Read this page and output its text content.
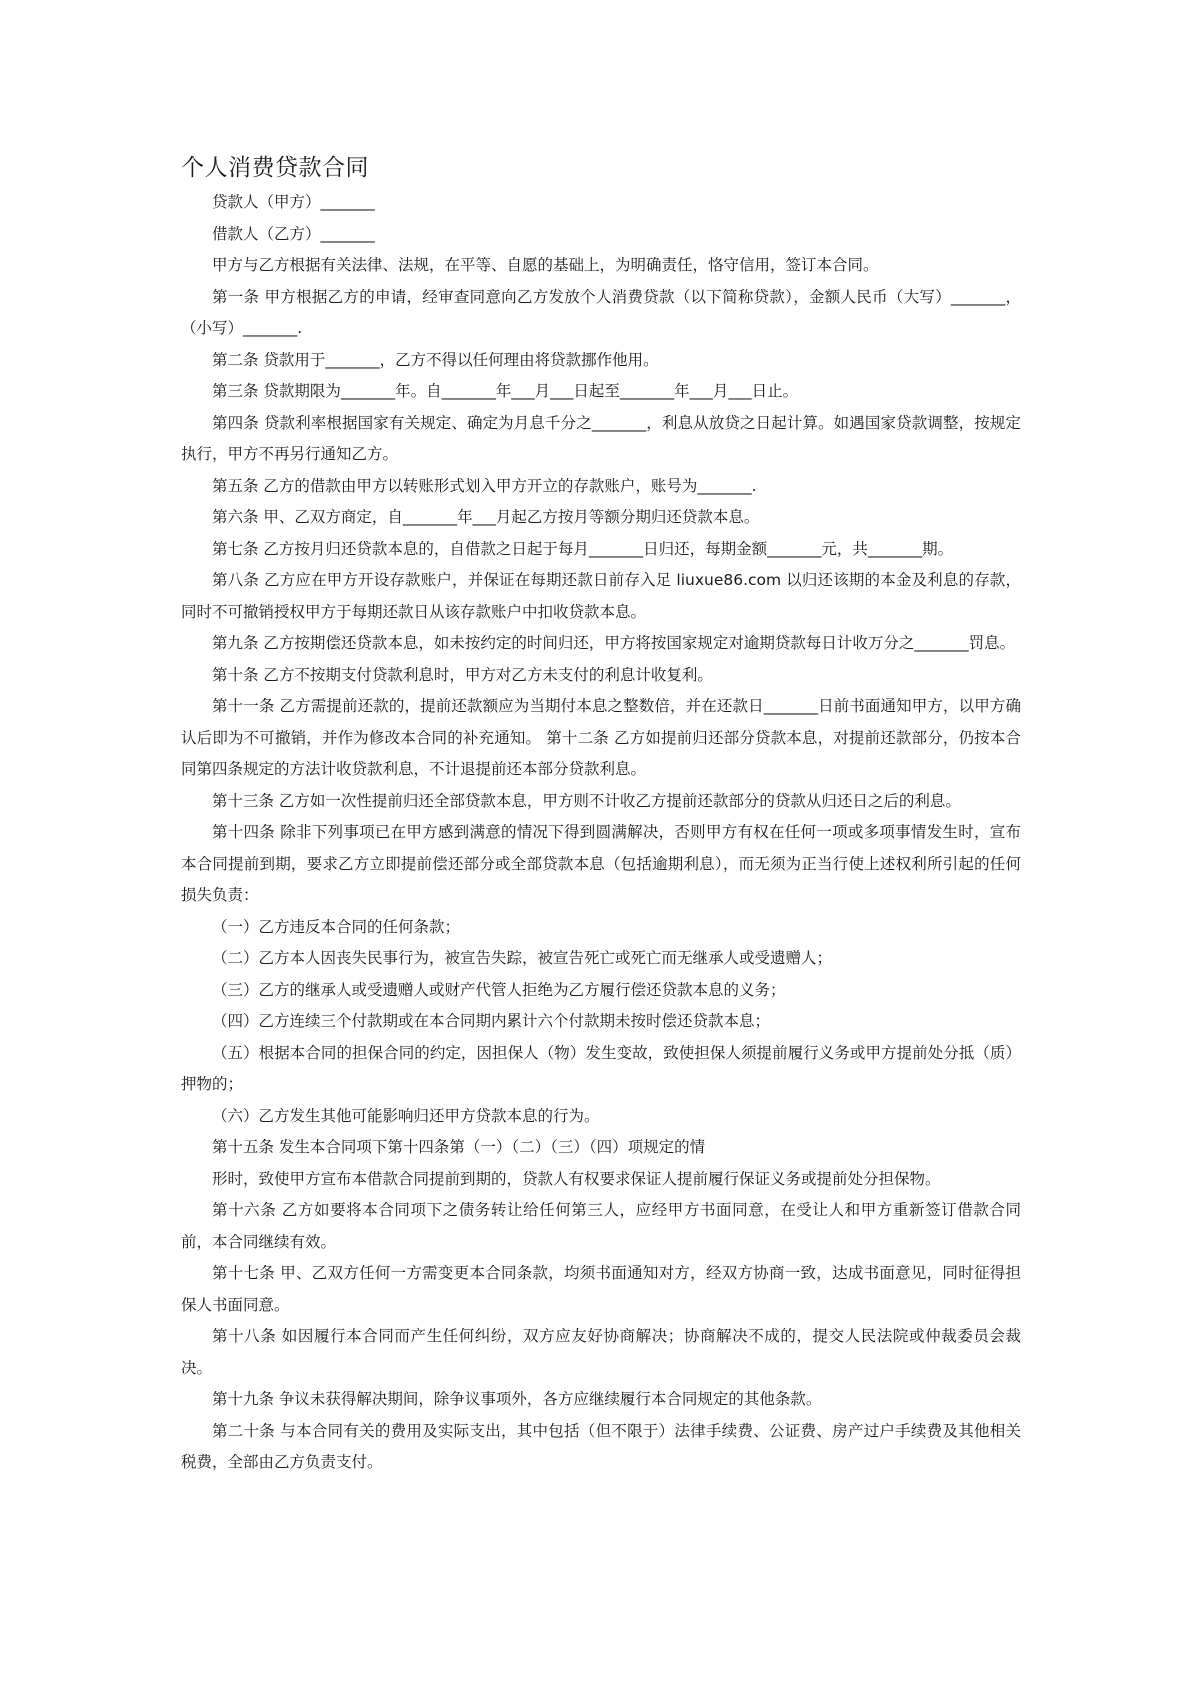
个人消费贷款合同

贷款人（甲方）_______

借款人（乙方）_______

甲方与乙方根据有关法律、法规，在平等、自愿的基础上，为明确责任，恪守信用，签订本合同。

第一条 甲方根据乙方的申请，经审查同意向乙方发放个人消费贷款（以下简称贷款），金额人民币（大写）_______，（小写）_______.

第二条 贷款用于_______，乙方不得以任何理由将贷款挪作他用。

第三条 贷款期限为_______年。自_______年___月___日起至_______年___月___日止。

第四条 贷款利率根据国家有关规定、确定为月息千分之_______，利息从放贷之日起计算。如遇国家贷款调整，按规定执行，甲方不再另行通知乙方。

第五条 乙方的借款由甲方以转账形式划入甲方开立的存款账户，账号为_______.

第六条 甲、乙双方商定，自_______年___月起乙方按月等额分期归还贷款本息。

第七条 乙方按月归还贷款本息的，自借款之日起于每月_______日归还，每期金额_______元，共_______期。

第八条 乙方应在甲方开设存款账户，并保证在每期还款日前存入足 liuxue86.com 以归还该期的本金及利息的存款，同时不可撤销授权甲方于每期还款日从该存款账户中扣收贷款本息。

第九条 乙方按期偿还贷款本息，如未按约定的时间归还，甲方将按国家规定对逾期贷款每日计收万分之_______罚息。

第十条 乙方不按期支付贷款利息时，甲方对乙方未支付的利息计收复利。

第十一条 乙方需提前还款的，提前还款额应为当期付本息之整数倍，并在还款日_______日前书面通知甲方，以甲方确认后即为不可撤销，并作为修改本合同的补充通知。 第十二条 乙方如提前归还部分贷款本息，对提前还款部分，仍按本合同第四条规定的方法计收贷款利息，不计退提前还本部分贷款利息。

第十三条 乙方如一次性提前归还全部贷款本息，甲方则不计收乙方提前还款部分的贷款从归还日之后的利息。

第十四条 除非下列事项已在甲方感到满意的情况下得到圆满解决，否则甲方有权在任何一项或多项事情发生时，宣布本合同提前到期，要求乙方立即提前偿还部分或全部贷款本息（包括逾期利息），而无须为正当行使上述权利所引起的任何损失负责：

（一）乙方违反本合同的任何条款；

（二）乙方本人因丧失民事行为，被宣告失踪，被宣告死亡或死亡而无继承人或受遗赠人；

（三）乙方的继承人或受遗赠人或财产代管人拒绝为乙方履行偿还贷款本息的义务；

（四）乙方连续三个付款期或在本合同期内累计六个付款期未按时偿还贷款本息；

（五）根据本合同的担保合同的约定，因担保人（物）发生变故，致使担保人须提前履行义务或甲方提前处分抵（质）押物的；

（六）乙方发生其他可能影响归还甲方贷款本息的行为。

第十五条 发生本合同项下第十四条第（一）（二）（三）（四）项规定的情

形时，致使甲方宣布本借款合同提前到期的，贷款人有权要求保证人提前履行保证义务或提前处分担保物。

第十六条 乙方如要将本合同项下之债务转让给任何第三人，应经甲方书面同意，在受让人和甲方重新签订借款合同前，本合同继续有效。

第十七条 甲、乙双方任何一方需变更本合同条款，均须书面通知对方，经双方协商一致，达成书面意见，同时征得担保人书面同意。

第十八条 如因履行本合同而产生任何纠纷，双方应友好协商解决；协商解决不成的，提交人民法院或仲裁委员会裁决。

第十九条 争议未获得解决期间，除争议事项外，各方应继续履行本合同规定的其他条款。

第二十条 与本合同有关的费用及实际支出，其中包括（但不限于）法律手续费、公证费、房产过户手续费及其他相关税费，全部由乙方负责支付。
